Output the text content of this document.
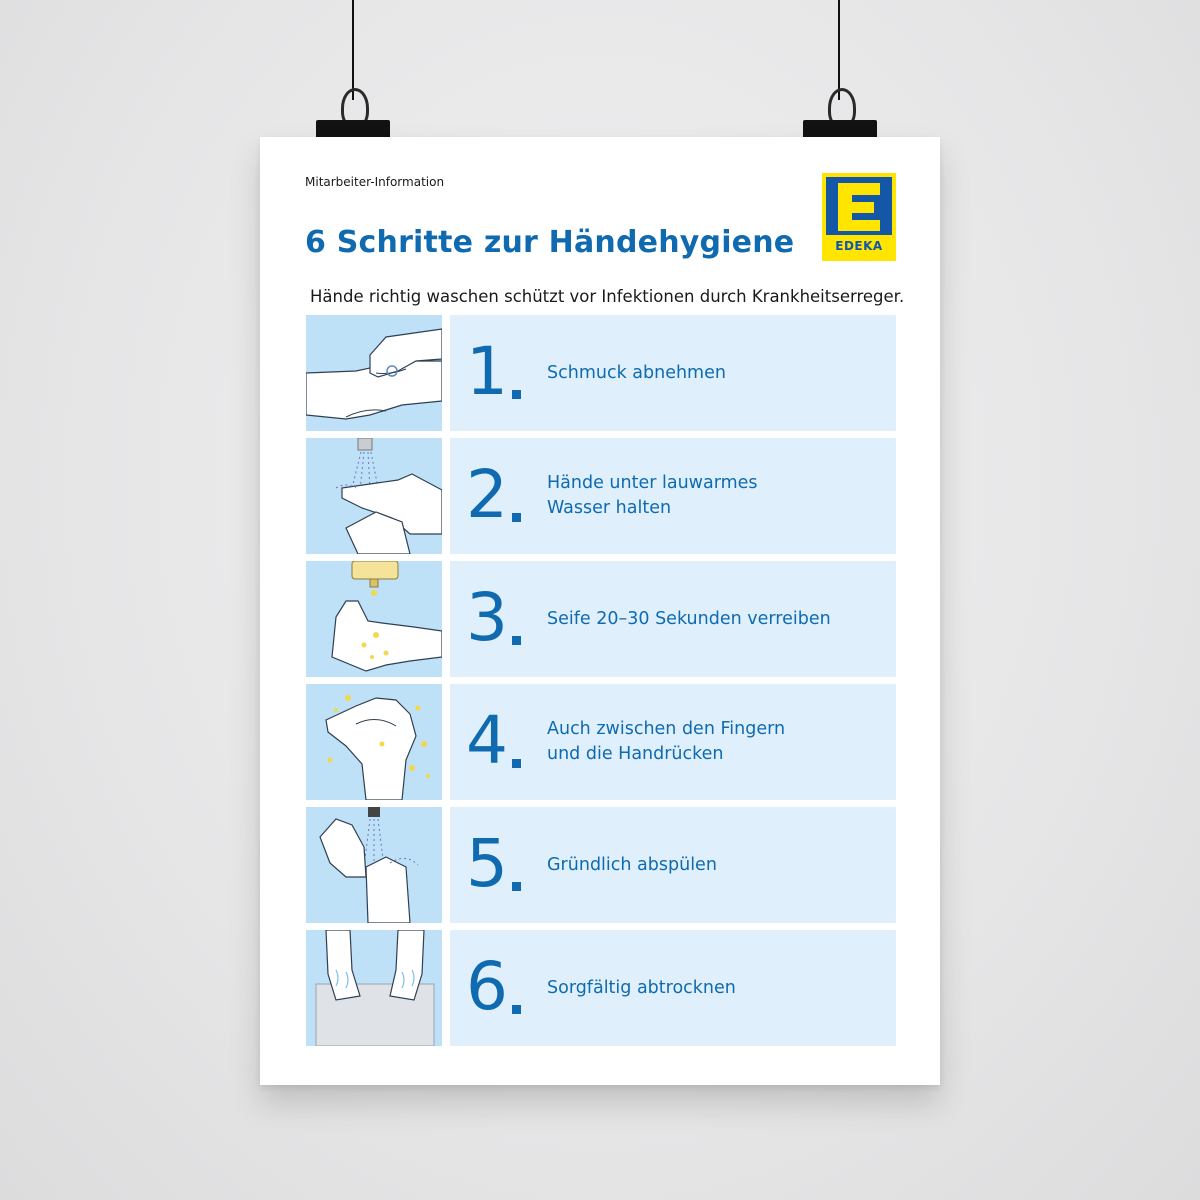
Mitarbeiter-Information
6 Schritte zur Händehygiene
Hände richtig waschen schützt vor Infektionen durch Krankheitserreger.
EDEKA
1 Schmuck abnehmen
2 Hände unter lauwarmes
Wasser halten
3 Seife 20–30 Sekunden verreiben
4 Auch zwischen den Fingern
und die Handrücken
5 Gründlich abspülen
6 Sorgfältig abtrocknen
